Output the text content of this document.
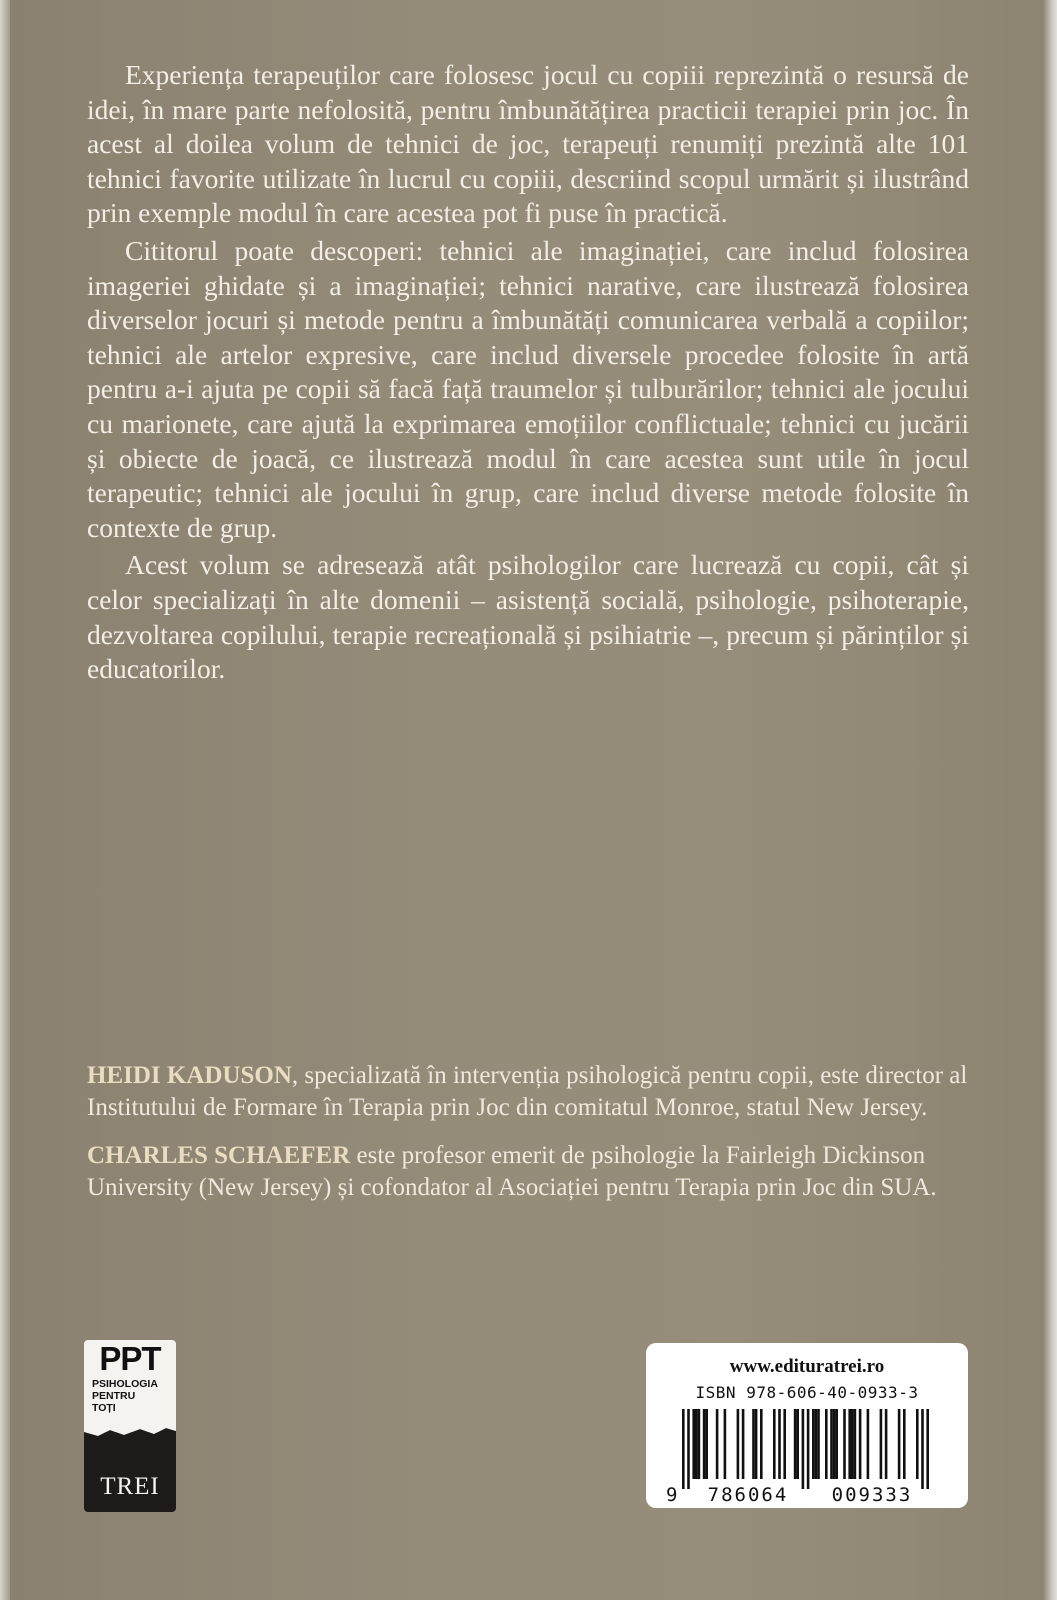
Experiența terapeuților care folosesc jocul cu copiii reprezintă o resursă de idei, în mare parte nefolosită, pentru îmbunătățirea practicii terapiei prin joc. În acest al doilea volum de tehnici de joc, terapeuți renumiți prezintă alte 101 tehnici favorite utilizate în lucrul cu copiii, descriind scopul urmărit și ilustrând prin exemple modul în care acestea pot fi puse în practică.

Cititorul poate descoperi: tehnici ale imaginației, care includ folosirea imageriei ghidate și a imaginației; tehnici narative, care ilustrează folosirea diverselor jocuri și metode pentru a îmbunătăți comunicarea verbală a copiilor; tehnici ale artelor expresive, care includ diversele procedee folosite în artă pentru a-i ajuta pe copii să facă față traumelor și tulburărilor; tehnici ale jocului cu marionete, care ajută la exprimarea emoțiilor conflictuale; tehnici cu jucării și obiecte de joacă, ce ilustrează modul în care acestea sunt utile în jocul terapeutic; tehnici ale jocului în grup, care includ diverse metode folosite în contexte de grup.

Acest volum se adresează atât psihologilor care lucrează cu copii, cât și celor specializați în alte domenii – asistență socială, psihologie, psihoterapie, dezvoltarea copilului, terapie recreațională și psihiatrie –, precum și părinților și educatorilor.

HEIDI KADUSON, specializată în intervenția psihologică pentru copii, este director al Institutului de Formare în Terapia prin Joc din comitatul Monroe, statul New Jersey.

CHARLES SCHAEFER este profesor emerit de psihologie la Fairleigh Dickinson University (New Jersey) și cofondator al Asociației pentru Terapia prin Joc din SUA.

PPT
PSIHOLOGIA
PENTRU
TOȚI
TREI
www.edituratrei.ro
ISBN 978-606-40-0933-3
9 786064 009333
